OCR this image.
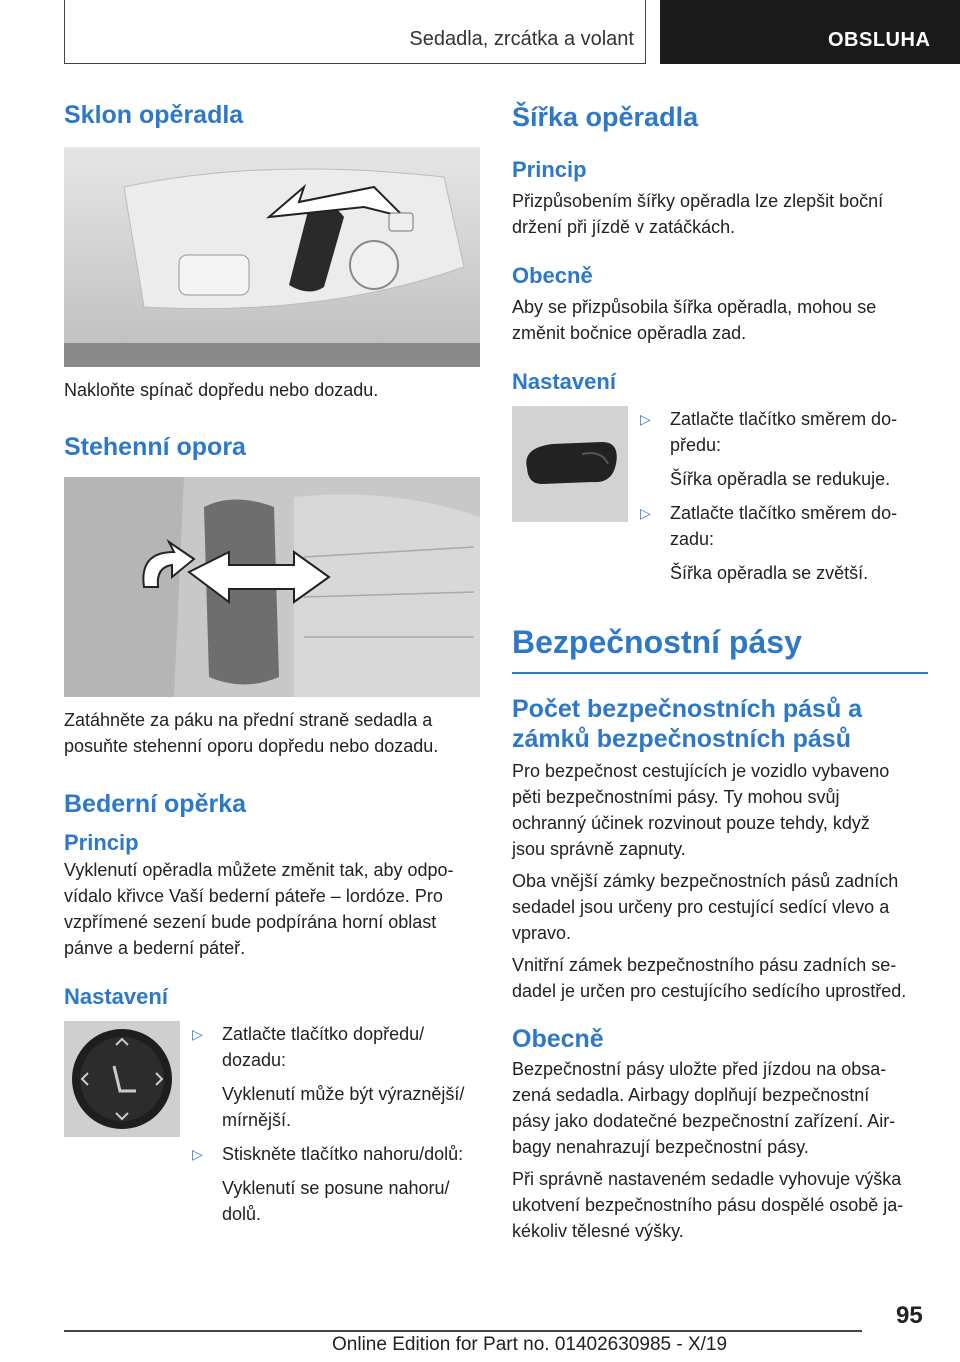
Sedadla, zrcátka a volant	OBSLUHA
Sklon opěradla

Nakloňte spínač dopředu nebo dozadu.

Stehenní opora

Zatáhněte za páku na přední straně sedadla a

posuňte stehenní oporu dopředu nebo dozadu.

Bederní opěrka
Princip

Vyklenutí opěradla můžete změnit tak, aby odpo-

vídalo křivce Vaší bederní páteře – lordóze. Pro

vzpřímené sezení bude podpírána horní oblast

pánve a bederní páteř.

Nastavení
▷	Zatlačte tlačítko dopředu/
dozadu:
Vyklenutí může být výraznější/
mírnější.
▷	Stiskněte tlačítko nahoru/dolů:
Vyklenutí se posune nahoru/
dolů.
Šířka opěradla
Princip

Přizpůsobením šířky opěradla lze zlepšit boční

držení při jízdě v zatáčkách.

Obecně

Aby se přizpůsobila šířka opěradla, mohou se

změnit bočnice opěradla zad.

Nastavení
▷	Zatlačte tlačítko směrem do-
předu:
Šířka opěradla se redukuje.
▷	Zatlačte tlačítko směrem do-
zadu:
Šířka opěradla se zvětší.
Bezpečnostní pásy
Počet bezpečnostních pásů a
zámků bezpečnostních pásů

Pro bezpečnost cestujících je vozidlo vybaveno

pěti bezpečnostními pásy. Ty mohou svůj

ochranný účinek rozvinout pouze tehdy, když

jsou správně zapnuty.

Oba vnější zámky bezpečnostních pásů zadních

sedadel jsou určeny pro cestující sedící vlevo a

vpravo.

Vnitřní zámek bezpečnostního pásu zadních se-

dadel je určen pro cestujícího sedícího uprostřed.

Obecně

Bezpečnostní pásy uložte před jízdou na obsa-

zená sedadla. Airbagy doplňují bezpečnostní

pásy jako dodatečné bezpečnostní zařízení. Air-

bagy nenahrazují bezpečnostní pásy.

Při správně nastaveném sedadle vyhovuje výška

ukotvení bezpečnostního pásu dospělé osobě ja-

kékoliv tělesné výšky.

95
Online Edition for Part no. 01402630985 - X/19
